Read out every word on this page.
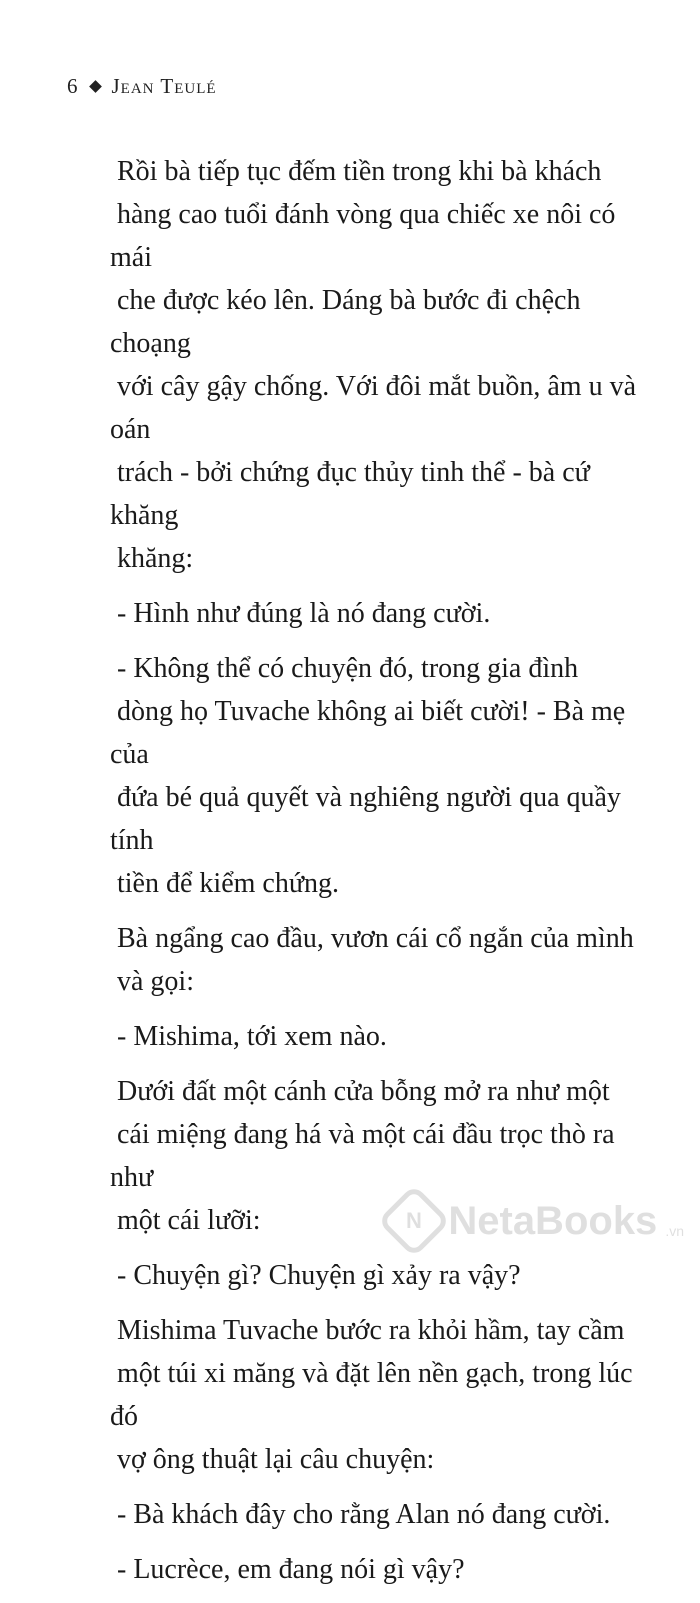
6 Jean Teulé

Rồi bà tiếp tục đếm tiền trong khi bà khách
hàng cao tuổi đánh vòng qua chiếc xe nôi có mái
che được kéo lên. Dáng bà bước đi chệch choạng
với cây gậy chống. Với đôi mắt buồn, âm u và oán
trách - bởi chứng đục thủy tinh thể - bà cứ khăng
khăng:

- Hình như đúng là nó đang cười.

- Không thể có chuyện đó, trong gia đình
dòng họ Tuvache không ai biết cười! - Bà mẹ của
đứa bé quả quyết và nghiêng người qua quầy tính
tiền để kiểm chứng.

Bà ngẩng cao đầu, vươn cái cổ ngắn của mình
và gọi:

- Mishima, tới xem nào.

Dưới đất một cánh cửa bỗng mở ra như một
cái miệng đang há và một cái đầu trọc thò ra như
một cái lưỡi:

- Chuyện gì? Chuyện gì xảy ra vậy?

Mishima Tuvache bước ra khỏi hầm, tay cầm
một túi xi măng và đặt lên nền gạch, trong lúc đó
vợ ông thuật lại câu chuyện:

- Bà khách đây cho rằng Alan nó đang cười.

- Lucrèce, em đang nói gì vậy?

N NetaBooks .vn
